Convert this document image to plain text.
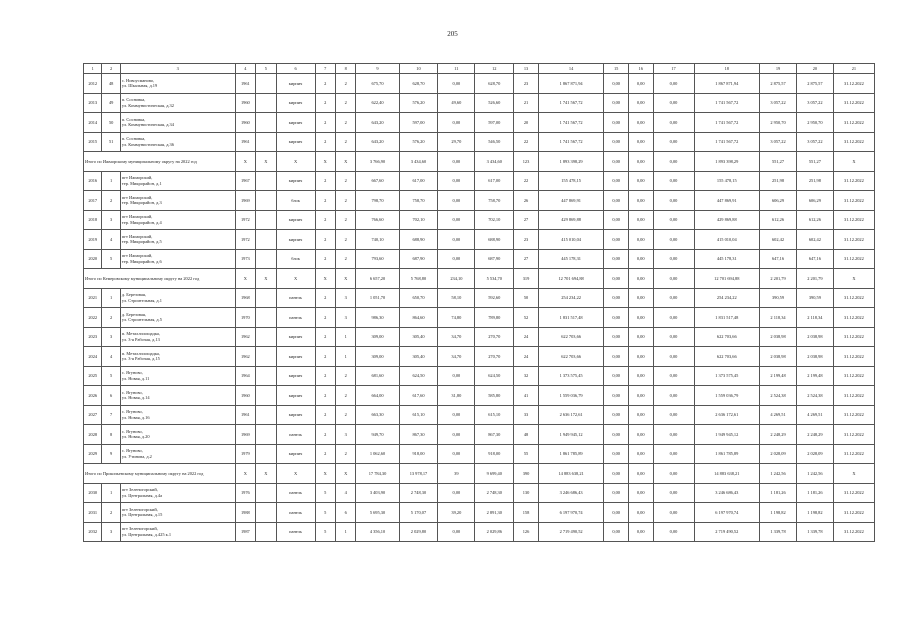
205
1	2	3	4	5	6	7	8	9	10	11	12	13	14	15	16	17	18	19	20	21
2012	48	с. Новоусманово,
ул. Шкальная, д.19	1961		кирпич	2	2	675,70	628,70	0,00	628,70	23	1 867 871,94	0,00	0,00	0,00	1 867 871,94	2 875,57	2 875,57	31.12.2022
2013	49	п. Сосновка,
ул. Коммунистическая, д.32	1960		кирпич	2	2	622,40	576,20	49,60	526,60	21	1 741 567,72	0,00	0,00	0,00	1 741 567,72	3 057,22	3 057,22	31.12.2022
2014	50	п. Сосновка,
ул. Коммунистическая, д.34	1960		кирпич	2	2	643,20	597,00	0,00	597,00	20	1 741 567,72	0,00	0,00	0,00	1 741 567,72	2 950,70	2 950,70	31.12.2022
2015	51	п. Сосновка,
ул. Коммунистическая, д.36	1961		кирпич	2	2	643,20	576,20	29,70	546,50	22	1 741 567,72	0,00	0,00	0,00	1 741 567,72	3 057,22	3 057,22	31.12.2022
Итого по Ижморскому муниципальному округу на 2022 год			X	X	X	X	X	3 766,90	3 434,60	0,00	3 434,60	123	1 893 398,29	0,00	0,00	0,00	1 893 398,29	551,27	551,27	X
2016	1	пгт Ижморский,
тер. Микрорайон, д.1	1967		кирпич	2	2	667,60	617,00	0,00	617,00	22	155 478,15	0,00	0,00	0,00	155 478,15	251,98	251,98	31.12.2022
2017	2	пгт Ижморский,
тер. Микрорайон, д.3	1969		блок	2	2	798,70	758,70	0,00	758,70	26	447 869,91	0,00	0,00	0,00	447 869,91	606,29	606,29	31.12.2022
2018	3	пгт Ижморский,
тер. Микрорайон, д.4	1972		кирпич	2	2	766,60	702,10	0,00	702,10	27	429 869,88	0,00	0,00	0,00	429 869,88	612,26	612,26	31.12.2022
2019	4	пгт Ижморский,
тер. Микрорайон, д.5	1972		кирпич	2	2	740,10	688,90	0,00	688,90	23	415 010,04	0,00	0,00	0,00	415 010,04	602,42	602,42	31.12.2022
2020	5	пгт Ижморский,
тер. Микрорайон, д.6	1973		блок	2	2	793,60	687,90	0,00	687,90	27	445 178,31	0,00	0,00	0,00	445 178,31	647,16	647,16	31.12.2022
Итого по Кемеровскому муниципальному округу на 2022 год			X	X	X	X	X	6 657,20	5 768,80	234,10	5 534,70	319	12 701 694,88	0,00	0,00	0,00	12 701 694,88	2 201,79	2 201,79	X
2021	1	д. Березовая,
ул. Строительная, д.1	1968		панель	2	3	1 051,70	650,70	58,10	592,60	50	254 234,22	0,00	0,00	0,00	254 234,22	390,59	390,59	31.12.2022
2022	2	д. Березовая,
ул. Строительная, д.5	1970		панель	2	3	986,30	864,60	74,80	789,80	52	1 831 517,48	0,00	0,00	0,00	1 831 517,48	2 118,34	2 118,34	31.12.2022
2023	3	п. Металлплощадка,
ул. 3-я Рабочая, д.13	1962		кирпич	2	1	309,00	305,40	34,70	270,70	24	622 703,66	0,00	0,00	0,00	622 703,66	2 038,98	2 038,98	31.12.2022
2024	4	п. Металлплощадка,
ул. 3-я Рабочая, д.15	1962		кирпич	2	1	309,00	305,40	34,70	270,70	24	622 703,66	0,00	0,00	0,00	622 703,66	2 038,98	2 038,98	31.12.2022
2025	5	с. Ягуново,
ул. Новая, д.11	1964		кирпич	2	2	681,60	624,50	0,00	624,50	32	1 373 575,45	0,00	0,00	0,00	1 373 575,45	2 199,48	2 199,48	31.12.2022
2026	6	с. Ягуново,
ул. Новая, д.14	1960		кирпич	2	2	664,00	617,60	31,80	585,80	41	1 559 036,79	0,00	0,00	0,00	1 559 036,79	2 524,38	2 524,38	31.12.2022
2027	7	с. Ягуново,
ул. Новая, д.16	1961		кирпич	2	2	663,30	615,10	0,00	615,10	33	2 636 172,61	0,00	0,00	0,00	2 636 172,61	4 269,51	4 269,51	31.12.2022
2028	8	с. Ягуново,
ул. Новая, д.20	1969		панель	2	3	949,70	867,30	0,00	867,30	48	1 949 945,12	0,00	0,00	0,00	1 949 945,12	2 248,29	2 248,29	31.12.2022
2029	9	с. Ягуново,
ул. Утинова, д.2	1979		кирпич	2	2	1 062,60	918,00	0,00	918,00	55	1 861 785,89	0,00	0,00	0,00	1 861 785,89	2 028,09	2 028,09	31.12.2022
Итого по Прокопьевскому муниципальному округу на 2022 год			X	X	X	X	X	17 784,30	13 978,17	39	9 699,40	390	14 883 638,21	0,00	0,00	0,00	14 883 638,21	1 242,56	1 242,56	X
2030	1	пгт Зеленогорский,
ул. Центральная, д.4а	1976		панель	5	4	3 403,90	2 748,30	0,00	2 748,30	130	3 246 686,43	0,00	0,00	0,00	3 246 686,43	1 181,26	1 181,26	31.12.2022
2031	2	пгт Зеленогорский,
ул. Центральная, д.15	1988		панель	5	6	5 695,30	5 170,07	39,20	2 891,30	158	6 197 970,74	0,00	0,00	0,00	6 197 970,74	1 198,82	1 198,82	31.12.2022
2032	3	пгт Зеленогорский,
ул. Центральная, д.425 к.1	1987		панель	5	1	4 356,10	2 029,80	0,00	2 029,86	126	2 719 490,52	0,00	0,00	0,00	2 719 490,52	1 339,78	1 339,78	31.12.2022
